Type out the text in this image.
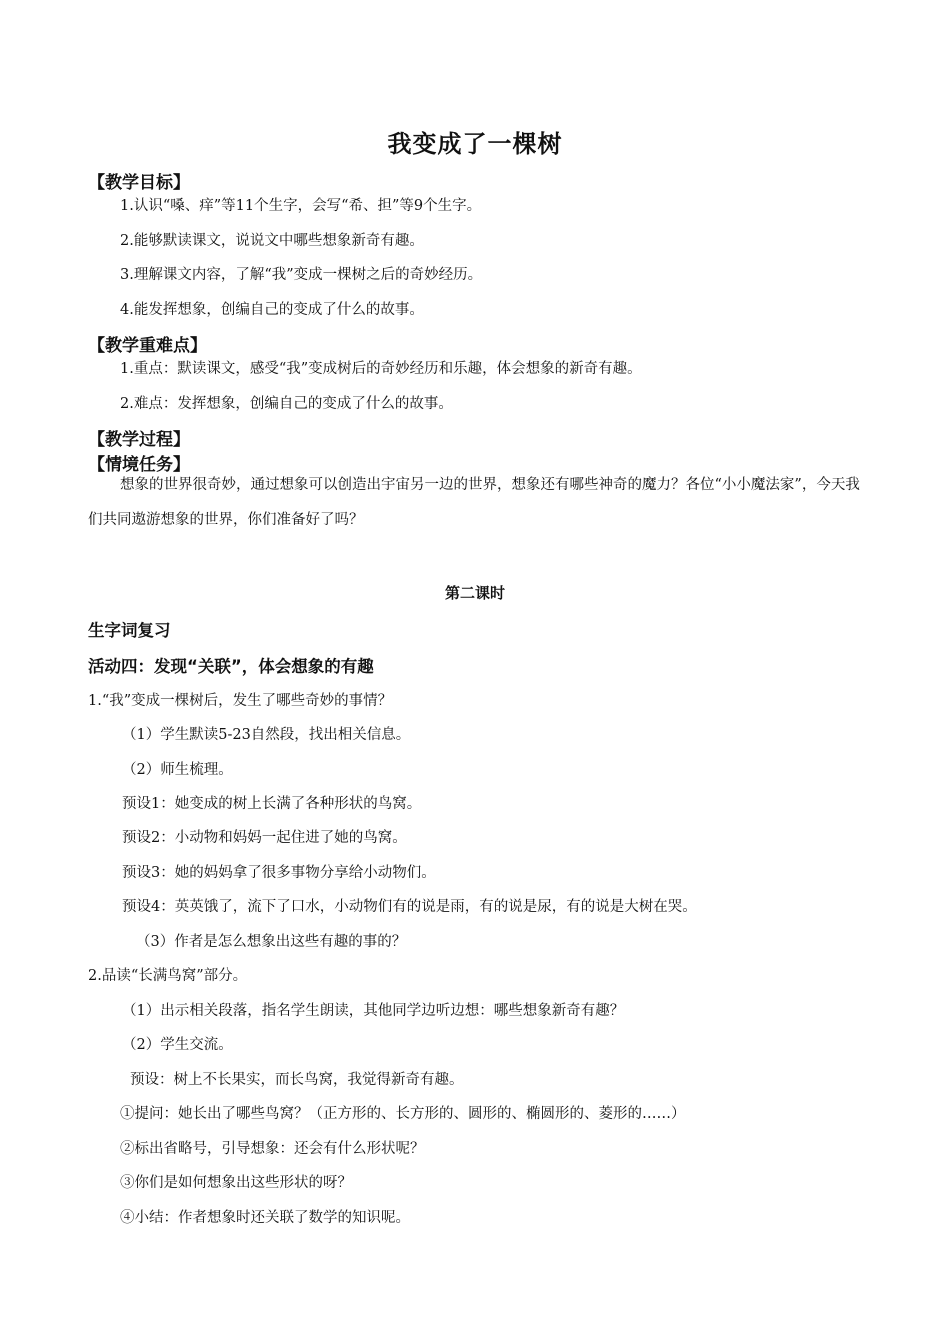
我变成了一棵树
【教学目标】
1.认识“嗓、痒”等11个生字，会写“希、担”等9个生字。
2.能够默读课文，说说文中哪些想象新奇有趣。
3.理解课文内容，了解“我”变成一棵树之后的奇妙经历。
4.能发挥想象，创编自己的变成了什么的故事。
【教学重难点】
1.重点：默读课文，感受“我”变成树后的奇妙经历和乐趣，体会想象的新奇有趣。
2.难点：发挥想象，创编自己的变成了什么的故事。
【教学过程】
【情境任务】
想象的世界很奇妙，通过想象可以创造出宇宙另一边的世界，想象还有哪些神奇的魔力？各位“小小魔法家”，今天我们共同遨游想象的世界，你们准备好了吗？
第二课时
生字词复习
活动四：发现“关联”，体会想象的有趣
1.“我”变成一棵树后，发生了哪些奇妙的事情？
（1）学生默读5-23自然段，找出相关信息。
（2）师生梳理。
预设1：她变成的树上长满了各种形状的鸟窝。
预设2：小动物和妈妈一起住进了她的鸟窝。
预设3：她的妈妈拿了很多事物分享给小动物们。
预设4：英英饿了，流下了口水，小动物们有的说是雨，有的说是尿，有的说是大树在哭。
（3）作者是怎么想象出这些有趣的事的？
2.品读“长满鸟窝”部分。
（1）出示相关段落，指名学生朗读，其他同学边听边想：哪些想象新奇有趣？
（2）学生交流。
预设：树上不长果实，而长鸟窝，我觉得新奇有趣。
①提问：她长出了哪些鸟窝？（正方形的、长方形的、圆形的、椭圆形的、菱形的……）
②标出省略号，引导想象：还会有什么形状呢？
③你们是如何想象出这些形状的呀？
④小结：作者想象时还关联了数学的知识呢。
